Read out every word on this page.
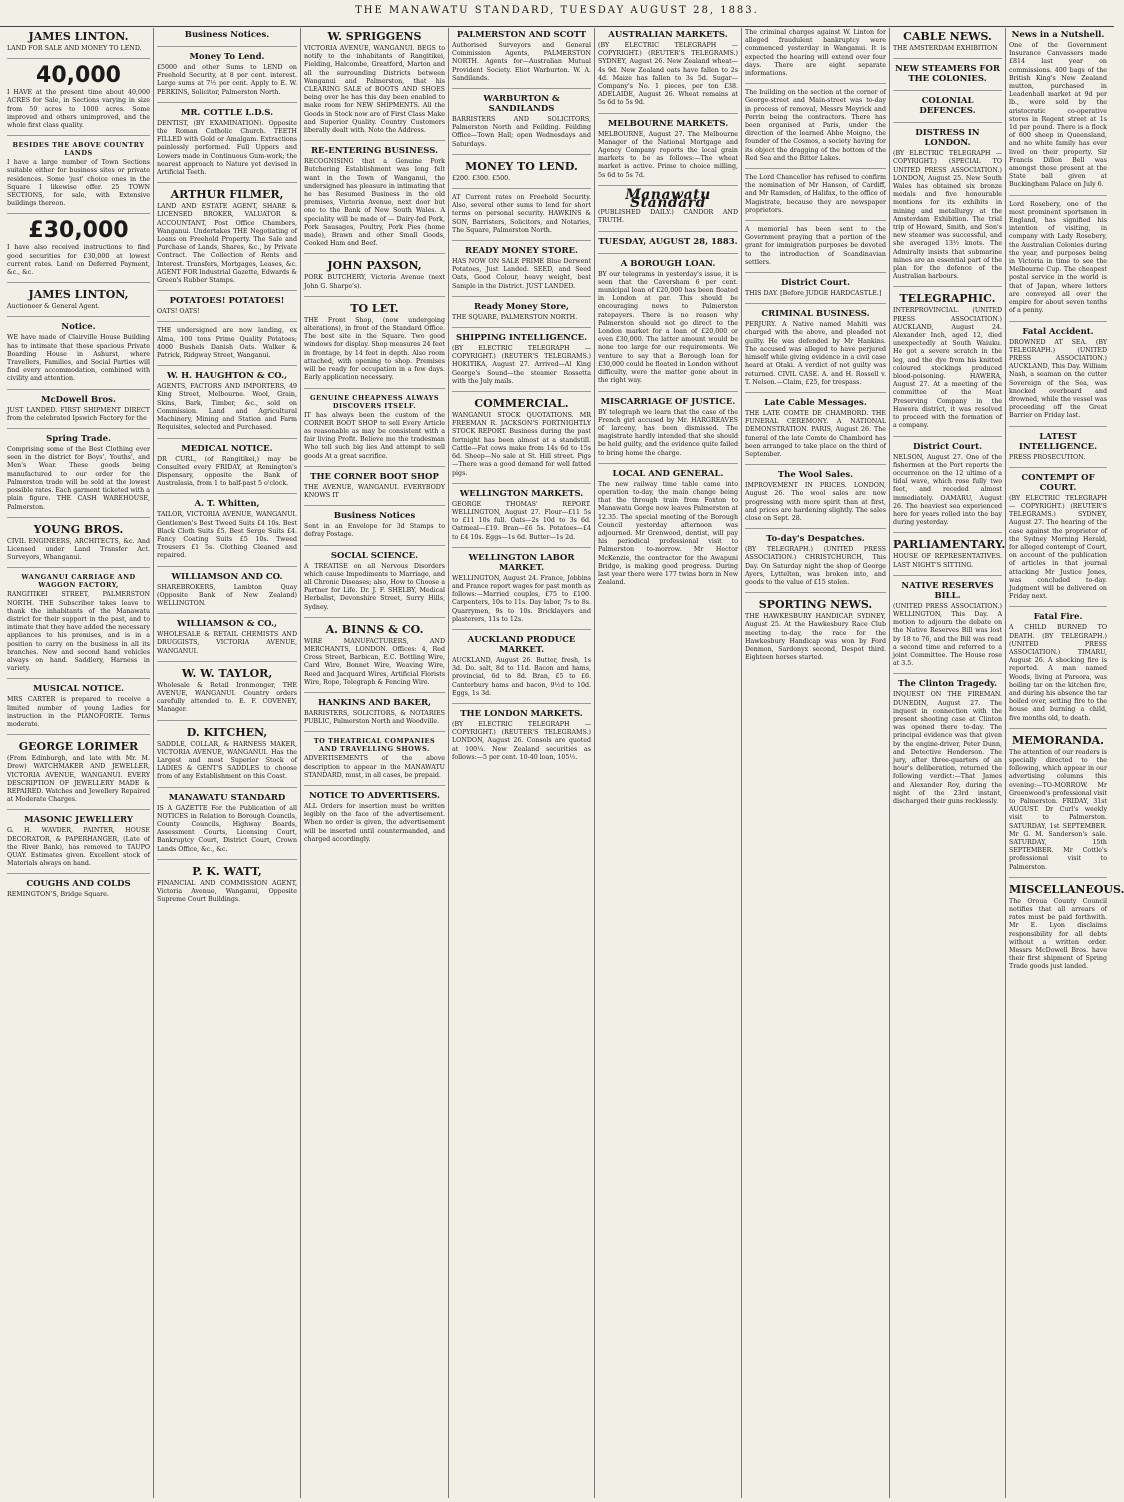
THE MANAWATU STANDARD, TUESDAY AUGUST 28, 1883.
JAMES LINTON.
LAND FOR SALE AND MONEY TO LEND.
40,000
I HAVE at the present time about 40,000 ACRES for Sale, in Sections varying in size from 50 acres to 1000 acres. Some improved and others unimproved, and the whole first class quality.
BESIDES THE ABOVE COUNTRY LANDS
I have a large number of Town Sections suitable either for business sites or private residences. Some 'just' choice ones in the Square I likewise offer. 25 TOWN SECTIONS, for sale, with Extensive buildings thereon.
£30,000
I have also received instructions to find good securities for £30,000 at lowest current rates. Land on Deferred Payment, &c., &c.
JAMES LINTON,
Auctioneer & General Agent.
Notice.
WE have made of Clairville House Building has to intimate that these spacious Private Boarding House in Ashurst, where Travellers, Families, and Social Parties will find every accommodation, combined with civility and attention.
McDowell Bros.
JUST LANDED. FIRST SHIPMENT DIRECT from the celebrated Ipswich Factory for the
Spring Trade.
Comprising some of the Best Clothing ever seen in the district for Boys', Youths', and Men's Wear. These goods being manufactured to our order for the Palmerston trade will be sold at the lowest possible rates. Each garment ticketed with a plain figure. THE CASH WAREHOUSE, Palmerston.
YOUNG BROS.
CIVIL ENGINEERS, ARCHITECTS, &c. And Licensed under Land Transfer Act. Surveyors, Whanganui.
WANGANUI CARRIAGE AND WAGGON FACTORY,
RANGITIKEI STREET, PALMERSTON NORTH. THE Subscriber takes leave to thank the inhabitants of the Manawatu district for their support in the past, and to intimate that they have added the necessary appliances to his premises, and is in a position to carry on the business in all its branches. New and second hand vehicles always on hand. Saddlery, Harness in variety.
MUSICAL NOTICE.
MRS CARTER is prepared to receive a limited number of young Ladies for instruction in the PIANOFORTE. Terms moderate.
GEORGE LORIMER
(From Edinburgh, and late with Mr. M. Drew) WATCHMAKER AND JEWELLER, VICTORIA AVENUE, WANGANUI. EVERY DESCRIPTION OF JEWELLERY MADE & REPAIRED. Watches and Jewellery Repaired at Moderate Charges.
MASONIC JEWELLERY
G. H. WAVDER, PAINTER, HOUSE DECORATOR, & PAPERHANGER, (Late of the River Bank), has removed to TAUPO QUAY. Estimates given. Excellent stock of Materials always on hand.
COUGHS AND COLDS
REMINGTON'S, Bridge Square.
Business Notices.
Money To Lend.
£5000 and other Sums to LEND on Freehold Security, at 8 per cent. interest. Large sums at 7½ per cent. Apply to E. W. PERKINS, Solicitor, Palmerston North.
MR. COTTLE L.D.S.
DENTIST, (BY EXAMINATION). Opposite the Roman Catholic Church. TEETH FILLED with Gold or Amalgam. Extractions painlessly performed. Full Uppers and Lowers made in Continuous Gum-work; the nearest approach to Nature yet devised in Artificial Teeth.
ARTHUR FILMER,
LAND AND ESTATE AGENT, SHARE & LICENSED BROKER, VALUATOR & ACCOUNTANT, Post Office Chambers, Wanganui. Undertakes THE Negotiating of Loans on Freehold Property. The Sale and Purchase of Lands, Shares, &c., by Private Contract. The Collection of Rents and Interest. Transfers, Mortgages, Leases, &c. AGENT FOR Industrial Gazette, Edwards & Green's Rubber Stamps.
POTATOES! POTATOES!
OATS! OATS!
THE undersigned are now landing, ex Alma, 100 tons Prime Quality Potatoes; 4000 Bushels Danish Oats. Walker & Patrick, Ridgway Street, Wanganui.
W. H. HAUGHTON & CO.,
AGENTS, FACTORS AND IMPORTERS, 49 King Street, Melbourne. Wool, Grain, Skins, Bark, Timber, &c., sold on Commission. Land and Agricultural Machinery, Mining and Station and Farm Requisites, selected and Purchased.
MEDICAL NOTICE.
DR CURL, (of Rangitikei,) may be Consulted every FRIDAY, at Remington's Dispensary, opposite the Bank of Australasia, from 1 to half-past 5 o'clock.
A. T. Whitten,
TAILOR, VICTORIA AVENUE, WANGANUI. Gentlemen's Best Tweed Suits £4 10s. Best Black Cloth Suits £5. Best Serge Suits £4. Fancy Coating Suits £5 10s. Tweed Trousers £1 5s. Clothing Cleaned and repaired.
WILLIAMSON AND CO.
SHAREBROKERS, Lambton Quay (Opposite Bank of New Zealand) WELLINGTON.
WILLIAMSON & CO.,
WHOLESALE & RETAIL CHEMISTS AND DRUGGISTS, VICTORIA AVENUE, WANGANUI.
W. W. TAYLOR,
Wholesale & Retail Ironmonger, THE AVENUE, WANGANUI. Country orders carefully attended to. E. F. COVENEY, Manager.
D. KITCHEN,
SADDLE, COLLAR, & HARNESS MAKER, VICTORIA AVENUE, WANGANUI. Has the Largest and most Superior Stock of LADIES & GENT'S SADDLES to choose from of any Establishment on this Coast.
MANAWATU STANDARD
IS A GAZETTE For the Publication of all NOTICES in Relation to Borough Councils, County Councils, Highway Boards, Assessment Courts, Licensing Court, Bankruptcy Court, District Court, Crown Lands Office, &c., &c.
P. K. WATT,
FINANCIAL AND COMMISSION AGENT, Victoria Avenue, Wanganui, Opposite Supreme Court Buildings.
W. SPRIGGENS
VICTORIA AVENUE, WANGANUI. BEGS to notify to the inhabitants of Rangitikei, Fielding, Halcombe, Greatford, Marton and all the surrounding Districts between Wanganui and Palmerston, that his CLEARING SALE of BOOTS AND SHOES being over he has this day been enabled to make room for NEW SHIPMENTS. All the Goods in Stock now are of First Class Make and Superior Quality. Country Customers liberally dealt with. Note the Address.
RE-ENTERING BUSINESS.
RECOGNISING that a Genuine Pork Butchering Establishment was long felt want in the Town of Wanganui, the undersigned has pleasure in intimating that he has Resumed Business in the old premises, Victoria Avenue, next door but one to the Bank of New South Wales. A speciality will be made of — Dairy-fed Pork, Pork Sausages, Poultry, Pork Pies (home made), Brawn and other Small Goods, Cooked Ham and Beef.
JOHN PAXSON,
PORK BUTCHERY, Victoria Avenue (next John G. Sharpe's).
TO LET.
THE Front Shop, (now undergoing alterations), in front of the Standard Office. The best site in the Square. Two good windows for display. Shop measures 24 feet in frontage, by 14 feet in depth. Also room attached, with opening to shop. Premises will be ready for occupation in a few days. Early application necessary.
GENUINE CHEAPNESS ALWAYS DISCOVERS ITSELF.
IT has always been the custom of the CORNER BOOT SHOP to sell Every Article as reasonable as may be consistent with a fair living Profit. Believe me the tradesman Who tell such big lies And attempt to sell goods At a great sacrifice.
THE CORNER BOOT SHOP
THE AVENUE, WANGANUI. EVERYBODY KNOWS IT
Business Notices
Sent in an Envelope for 3d Stamps to defray Postage.
SOCIAL SCIENCE.
A TREATISE on all Nervous Disorders which cause Impediments to Marriage, and all Chronic Diseases; also, How to Choose a Partner for Life. Dr. J. F. SHELBY, Medical Herbalist, Devonshire Street, Surry Hills, Sydney.
A. BINNS & CO.
WIRE MANUFACTURERS, AND MERCHANTS, LONDON. Offices: 4, Red Cross Street, Barbican, E.C. Bottling Wire, Card Wire, Bonnet Wire, Weaving Wire, Reed and Jacquard Wires, Artificial Florists Wire, Rope, Telegraph & Fencing Wire.
HANKINS AND BAKER,
BARRISTERS, SOLICITORS, & NOTARIES PUBLIC, Palmerston North and Woodville.
TO THEATRICAL COMPANIES AND TRAVELLING SHOWS.
ADVERTISEMENTS of the above description to appear in the MANAWATU STANDARD, must, in all cases, be prepaid.
NOTICE TO ADVERTISERS.
ALL Orders for insertion must be written legibly on the face of the advertisement. When no order is given, the advertisement will be inserted until countermanded, and charged accordingly.
PALMERSTON AND SCOTT
Authorised Surveyors and General Commission Agents, PALMERSTON NORTH. Agents for—Australian Mutual Provident Society. Eliot Warburton. W. A. Sandilands.
WARBURTON & SANDILANDS
BARRISTERS AND SOLICITORS, Palmerston North and Feilding. Feilding Office—Town Hall; open Wednesdays and Saturdays.
MONEY TO LEND.
£200. £300. £500.
AT Current rates on Freehold Security. Also, several other sums to lend for short terms on personal security. HAWKINS & SON, Barristers, Solicitors, and Notaries, The Square, Palmerston North.
READY MONEY STORE.
HAS NOW ON SALE PRIME Blue Derwent Potatoes, Just Landed. SEED, and Seed Oats, Good Colour, heavy weight, best Sample in the District. JUST LANDED.
Ready Money Store,
THE SQUARE, PALMERSTON NORTH.
SHIPPING INTELLIGENCE.
(BY ELECTRIC TELEGRAPH — COPYRIGHT.) (REUTER'S TELEGRAMS.) HOKITIKA, August 27. Arrived—Al King George's Sound—the steamer Rossetta with the July mails.
COMMERCIAL.
WANGANUI STOCK QUOTATIONS. MR FREEMAN R. JACKSON'S FORTNIGHTLY STOCK REPORT. Business during the past fortnight has been almost at a standstill. Cattle—Fat cows make from 14s 6d to 15s 6d. Sheep—No sale at St. Hill street. Pigs—There was a good demand for well fatted pigs.
WELLINGTON MARKETS.
GEORGE THOMAS' REPORT. WELLINGTON, August 27. Flour—£11 5s to £11 10s full. Oats—2s 10d to 3s 6d. Oatmeal—£19. Bran—£6 5s. Potatoes—£4 to £4 10s. Eggs—1s 6d. Butter—1s 2d.
WELLINGTON LABOR MARKET.
WELLINGTON, August 24. France, Jobbins and France report wages for past month as follows:—Married couples, £75 to £100. Carpenters, 10s to 11s. Day labor, 7s to 8s. Quarrymen, 9s to 10s. Bricklayers and plasterers, 11s to 12s.
AUCKLAND PRODUCE MARKET.
AUCKLAND, August 26. Butter, fresh, 1s 3d. Do. salt, 8d to 11d. Bacon and hams, provincial, 6d to 8d. Bran, £5 to £6. Canterbury hams and bacon, 9½d to 10d. Eggs, 1s 3d.
THE LONDON MARKETS.
(BY ELECTRIC TELEGRAPH — COPYRIGHT.) (REUTER'S TELEGRAMS.) LONDON, August 26. Consols are quoted at 100¼. New Zealand securities as follows:—5 per cent. 10-40 loan, 105½.
AUSTRALIAN MARKETS.
(BY ELECTRIC TELEGRAPH — COPYRIGHT.) (REUTER'S TELEGRAMS.) SYDNEY, August 26. New Zealand wheat—4s 9d. New Zealand oats have fallen to 2s 4d. Maize has fallen to 3s 5d. Sugar—Company's No. 1 pieces, per ton £38. ADELAIDE, August 26. Wheat remains at 5s 6d to 5s 9d.
MELBOURNE MARKETS.
MELBOURNE, August 27. The Melbourne Manager of the National Mortgage and Agency Company reports the local grain markets to be as follows:—The wheat market is active. Prime to choice milling, 5s 6d to 5s 7d.
Manawatu Standard
(PUBLISHED DAILY.) CANDOR AND TRUTH.
TUESDAY, AUGUST 28, 1883.
A BOROUGH LOAN.
BY our telegrams in yesterday's issue, it is seen that the Caversham 6 per cent. municipal loan of £20,000 has been floated in London at par. This should be encouraging news to Palmerston ratepayers. There is no reason why Palmerston should not go direct to the London market for a loan of £20,000 or even £30,000. The latter amount would be none too large for our requirements. We venture to say that a Borough loan for £30,000 could be floated in London without difficulty, were the matter gone about in the right way.
MISCARRIAGE OF JUSTICE.
BY telegraph we learn that the case of the French girl accused by Mr. HARGREAVES of larceny, has been dismissed. The magistrate hardly intended that she should be held guilty, and the evidence quite failed to bring home the charge.
LOCAL AND GENERAL.
The new railway time table came into operation to-day, the main change being that the through train from Foxton to Manawatu Gorge now leaves Palmerston at 12.35. The special meeting of the Borough Council yesterday afternoon was adjourned. Mr Grenwood, dentist, will pay his periodical professional visit to Palmerston to-morrow. Mr Hector McKenzie, the contractor for the Awapuni Bridge, is making good progress. During last year there were 177 twins born in New Zealand.
The criminal charges against W. Linton for alleged fraudulent bankruptcy were commenced yesterday in Wanganui. It is expected the hearing will extend over four days. There are eight separate informations.
The building on the section at the corner of George-street and Main-street was to-day in process of removal, Messrs Meyrick and Perrin being the contractors. There has been organised at Paris, under the direction of the learned Abbe Moigno, the founder of the Cosmos, a society having for its object the dragging of the bottom of the Red Sea and the Bitter Lakes.
The Lord Chancellor has refused to confirm the nomination of Mr Hanson, of Cardiff, and Mr Ramsden, of Halifax, to the office of Magistrate, because they are newspaper proprietors.
A memorial has been sent to the Government praying that a portion of the grant for immigration purposes be devoted to the introduction of Scandinavian settlers.
District Court.
THIS DAY. [Before JUDGE HARDCASTLE.]
CRIMINAL BUSINESS.
PERJURY. A Native named Mahiti was charged with the above, and pleaded not guilty. He was defended by Mr Hankins. The accused was alleged to have perjured himself while giving evidence in a civil case heard at Otaki. A verdict of not guilty was returned. CIVIL CASE. A. and H. Rossell v. T. Nelson.—Claim, £25, for trespass.
Late Cable Messages.
THE LATE COMTE DE CHAMBORD. THE FUNERAL CEREMONY. A NATIONAL DEMONSTRATION. PARIS, August 26. The funeral of the late Comte de Chambord has been arranged to take place on the third of September.
The Wool Sales.
IMPROVEMENT IN PRICES. LONDON, August 26. The wool sales are now progressing with more spirit than at first, and prices are hardening slightly. The sales close on Sept. 28.
To-day's Despatches.
(BY TELEGRAPH.) (UNITED PRESS ASSOCIATION.) CHRISTCHURCH, This Day. On Saturday night the shop of George Ayers, Lyttelton, was broken into, and goods to the value of £15 stolen.
SPORTING NEWS.
THE HAWKESBURY HANDICAP. SYDNEY, August 25. At the Hawkesbury Race Club meeting to-day, the race for the Hawkesbury Handicap was won by Ford Denmon, Sardonyx second, Despot third. Eighteen horses started.
CABLE NEWS.
THE AMSTERDAM EXHIBITION
NEW STEAMERS FOR THE COLONIES.
COLONIAL DEFENCES.
DISTRESS IN LONDON.
(BY ELECTRIC TELEGRAPH — COPYRIGHT.) (SPECIAL TO UNITED PRESS ASSOCIATION.) LONDON, August 25. New South Wales has obtained six bronze medals and five honourable mentions for its exhibits in mining and metallurgy at the Amsterdam Exhibition. The trial trip of Howard, Smith, and Son's new steamer was successful, and she averaged 13½ knots. The Admiralty insists that submarine mines are an essential part of the plan for the defence of the Australian harbours.
TELEGRAPHIC.
INTERPROVINCIAL. (UNITED PRESS ASSOCIATION.) AUCKLAND, August 24. Alexander Inch, aged 12, died unexpectedly at South Waiuku. He got a severe scratch in the leg, and the dye from his knitted coloured stockings produced blood-poisoning. HAWERA, August 27. At a meeting of the committee of the Meat Preserving Company in the Hawera district, it was resolved to proceed with the formation of a company.
District Court.
NELSON, August 27. One of the fishermen at the Port reports the occurrence on the 12 ultimo of a tidal wave, which rose fully two feet, and receded almost immediately. OAMARU, August 26. The heaviest sea experienced here for years rolled into the bay during yesterday.
PARLIAMENTARY.
HOUSE OF REPRESENTATIVES. LAST NIGHT'S SITTING.
NATIVE RESERVES BILL.
(UNITED PRESS ASSOCIATION.) WELLINGTON, This Day. A motion to adjourn the debate on the Native Reserves Bill was lost by 18 to 76, and the Bill was read a second time and referred to a joint Committee. The House rose at 3.5.
The Clinton Tragedy.
INQUEST ON THE FIREMAN. DUNEDIN, August 27. The inquest in connection with the present shooting case at Clinton was opened there to-day. The principal evidence was that given by the engine-driver, Peter Dunn, and Detective Henderson. The jury, after three-quarters of an hour's deliberation, returned the following verdict:—That James and Alexander Roy, during the night of the 23rd instant, discharged their guns recklessly.
News in a Nutshell.
One of the Government Insurance Canvassers made £814 last year on commissions. 400 bags of the British King's New Zealand mutton, purchased in Leadenhall market at 9d per lb., were sold by the aristocratic co-operative stores in Regent street at 1s 1d per pound. There is a flock of 600 sheep in Queensland, and no white family has ever lived on their property. Sir Francis Dillon Bell was amongst those present at the State ball given at Buckingham Palace on July 6.
Lord Rosebery, one of the most prominent sportsmen in England, has signified his intention of visiting, in company with Lady Rosebery, the Australian Colonies during the year, and purposes being in Victoria in time to see the Melbourne Cup. The cheapest postal service in the world is that of Japan, where letters are conveyed all over the empire for about seven tenths of a penny.
Fatal Accident.
DROWNED AT SEA. (BY TELEGRAPH.) (UNITED PRESS ASSOCIATION.) AUCKLAND, This Day. William Nash, a seaman on the cutter Sovereign of the Sea, was knocked overboard and drowned, while the vessel was proceeding off the Great Barrier on Friday last.
LATEST INTELLIGENCE.
PRESS PROSECUTION.
CONTEMPT OF COURT.
(BY ELECTRIC TELEGRAPH — COPYRIGHT.) (REUTER'S TELEGRAMS.) SYDNEY, August 27. The hearing of the case against the proprietor of the Sydney Morning Herald, for alleged contempt of Court, on account of the publication of articles in that journal attacking Mr Justice Jones, was concluded to-day. Judgment will be delivered on Friday next.
Fatal Fire.
A CHILD BURNED TO DEATH. (BY TELEGRAPH.) (UNITED PRESS ASSOCIATION.) TIMARU, August 26. A shocking fire is reported. A man named Woods, living at Pareora, was boiling tar on the kitchen fire, and during his absence the tar boiled over, setting fire to the house and burning a child, five months old, to death.
MEMORANDA.
The attention of our readers is specially directed to the following, which appear in our advertising columns this evening:—TO-MORROW. Mr Greenwood's professional visit to Palmerston. FRIDAY, 31st AUGUST. Dr Curl's weekly visit to Palmerston. SATURDAY, 1st SEPTEMBER. Mr G. M. Sanderson's sale. SATURDAY, 15th SEPTEMBER. Mr Cottle's professional visit to Palmerston.
MISCELLANEOUS.
The Oroua County Council notifies that all arrears of rates must be paid forthwith. Mr E. Lyon disclaims responsibility for all debts without a written order. Messrs McDowell Bros. have their first shipment of Spring Trade goods just landed.
